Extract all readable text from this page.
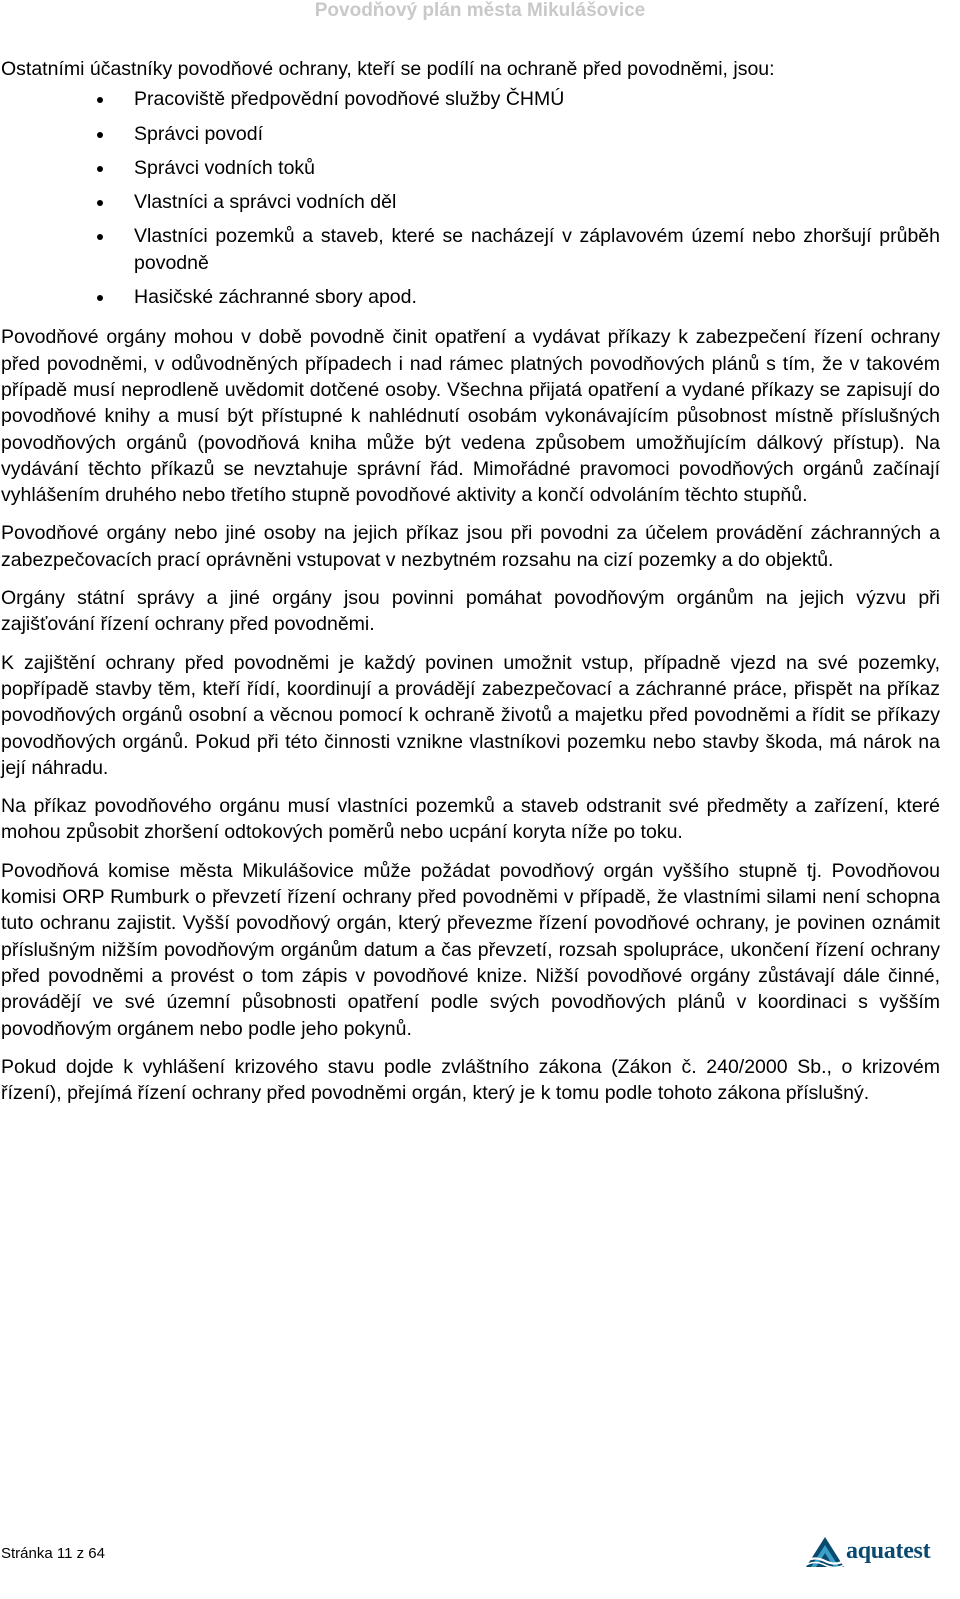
Povodňový plán města Mikulášovice

Ostatními účastníky povodňové ochrany, kteří se podílí na ochraně před povodněmi, jsou:

Pracoviště předpovědní povodňové služby ČHMÚ
Správci povodí
Správci vodních toků
Vlastníci a správci vodních děl
Vlastníci pozemků a staveb, které se nacházejí v záplavovém území nebo zhoršují průběh povodně
Hasičské záchranné sbory apod.

Povodňové orgány mohou v době povodně činit opatření a vydávat příkazy k zabezpečení řízení ochrany před povodněmi, v odůvodněných případech i nad rámec platných povodňových plánů s tím, že v takovém případě musí neprodleně uvědomit dotčené osoby. Všechna přijatá opatření a vydané příkazy se zapisují do povodňové knihy a musí být přístupné k nahlédnutí osobám vykonávajícím působnost místně příslušných povodňových orgánů (povodňová kniha může být vedena způsobem umožňujícím dálkový přístup). Na vydávání těchto příkazů se nevztahuje správní řád. Mimořádné pravomoci povodňových orgánů začínají vyhlášením druhého nebo třetího stupně povodňové aktivity a končí odvoláním těchto stupňů.

Povodňové orgány nebo jiné osoby na jejich příkaz jsou při povodni za účelem provádění záchranných a zabezpečovacích prací oprávněni vstupovat v nezbytném rozsahu na cizí pozemky a do objektů.

Orgány státní správy a jiné orgány jsou povinni pomáhat povodňovým orgánům na jejich výzvu při zajišťování řízení ochrany před povodněmi.

K zajištění ochrany před povodněmi je každý povinen umožnit vstup, případně vjezd na své pozemky, popřípadě stavby těm, kteří řídí, koordinují a provádějí zabezpečovací a záchranné práce, přispět na příkaz povodňových orgánů osobní a věcnou pomocí k ochraně životů a majetku před povodněmi a řídit se příkazy povodňových orgánů. Pokud při této činnosti vznikne vlastníkovi pozemku nebo stavby škoda, má nárok na její náhradu.

Na příkaz povodňového orgánu musí vlastníci pozemků a staveb odstranit své předměty a zařízení, které mohou způsobit zhoršení odtokových poměrů nebo ucpání koryta níže po toku.

Povodňová komise města Mikulášovice může požádat povodňový orgán vyššího stupně tj. Povodňovou komisi ORP Rumburk o převzetí řízení ochrany před povodněmi v případě, že vlastními silami není schopna tuto ochranu zajistit. Vyšší povodňový orgán, který převezme řízení povodňové ochrany, je povinen oznámit příslušným nižším povodňovým orgánům datum a čas převzetí, rozsah spolupráce, ukončení řízení ochrany před povodněmi a provést o tom zápis v povodňové knize. Nižší povodňové orgány zůstávají dále činné, provádějí ve své územní působnosti opatření podle svých povodňových plánů v koordinaci s vyšším povodňovým orgánem nebo podle jeho pokynů.

Pokud dojde k vyhlášení krizového stavu podle zvláštního zákona (Zákon č. 240/2000 Sb., o krizovém řízení), přejímá řízení ochrany před povodněmi orgán, který je k tomu podle tohoto zákona příslušný.

Stránka 11 z 64	aquatest
